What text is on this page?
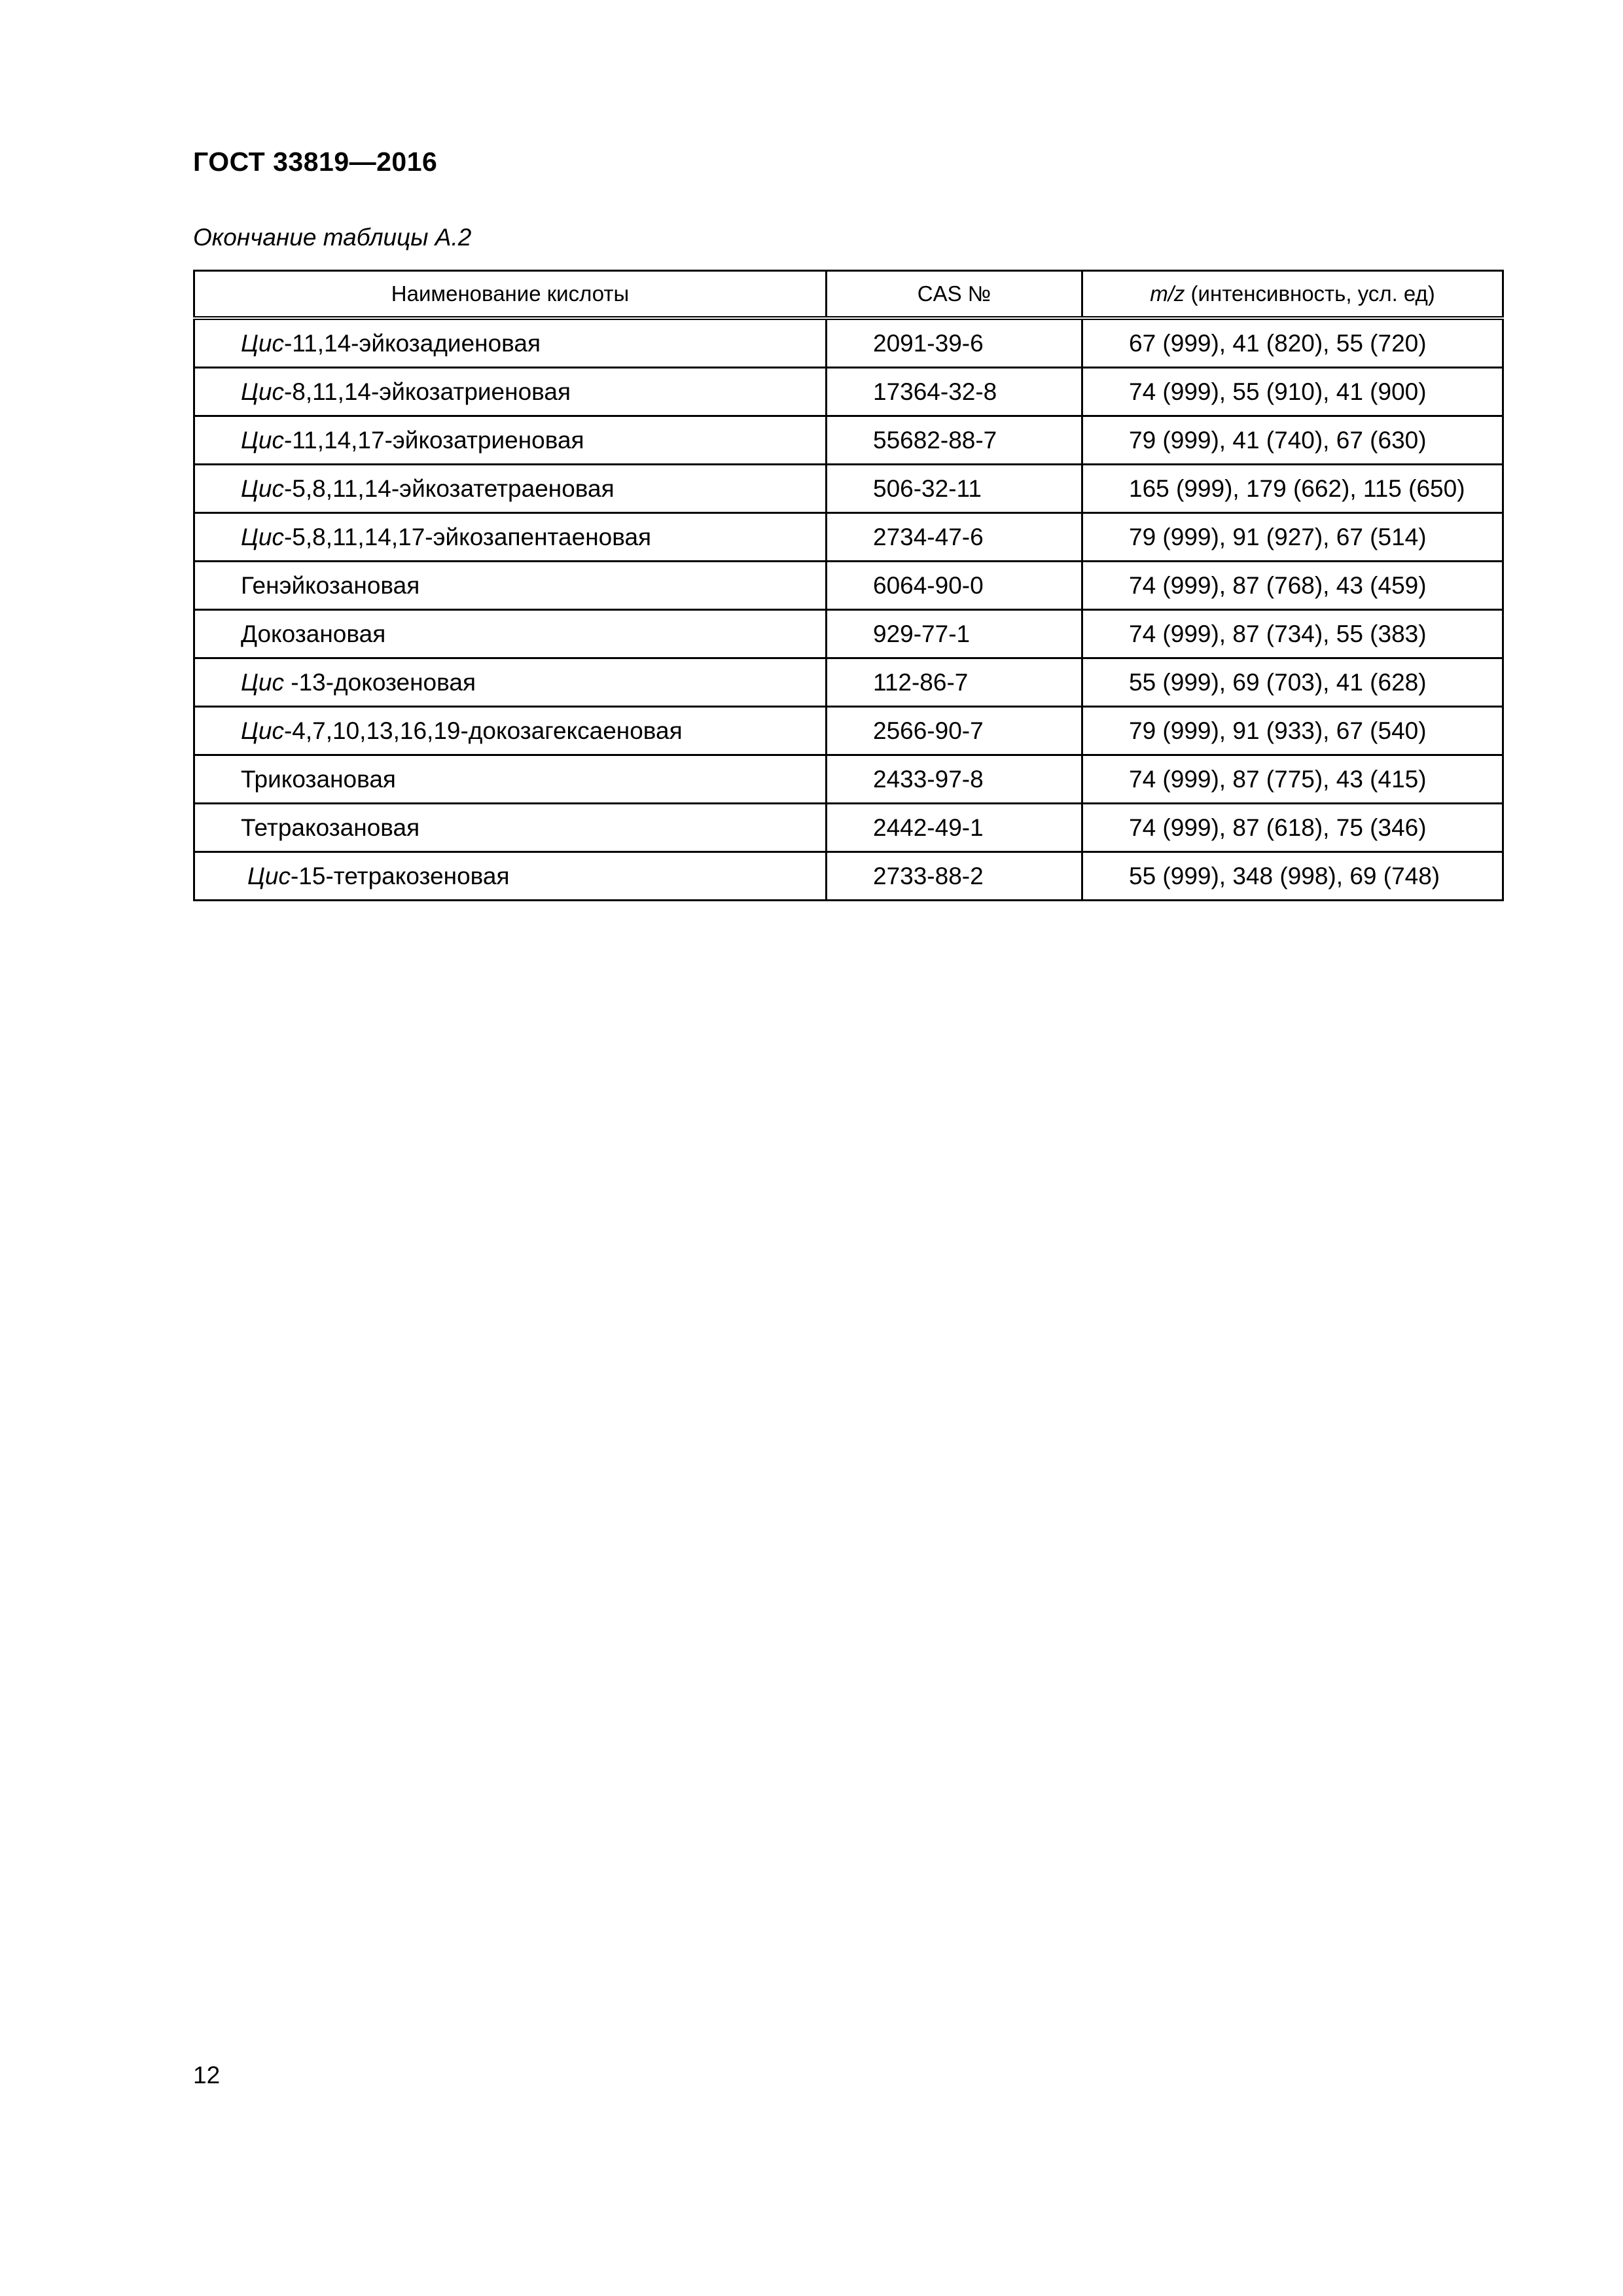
ГОСТ 33819—2016
Окончание таблицы А.2
Наименование кислоты	CAS №	m/z (интенсивность, усл. ед)
Цис-11,14-эйкозадиеновая	2091-39-6	67 (999), 41 (820), 55 (720)
Цис-8,11,14-эйкозатриеновая	17364-32-8	74 (999), 55 (910), 41 (900)
Цис-11,14,17-эйкозатриеновая	55682-88-7	79 (999), 41 (740), 67 (630)
Цис-5,8,11,14-эйкозатетраеновая	506-32-11	165 (999), 179 (662), 115 (650)
Цис-5,8,11,14,17-эйкозапентаеновая	2734-47-6	79 (999), 91 (927), 67 (514)
Генэйкозановая	6064-90-0	74 (999), 87 (768), 43 (459)
Докозановая	929-77-1	74 (999), 87 (734), 55 (383)
Цис -13-докозеновая	112-86-7	55 (999), 69 (703), 41 (628)
Цис-4,7,10,13,16,19-докозагексаеновая	2566-90-7	79 (999), 91 (933), 67 (540)
Трикозановая	2433-97-8	74 (999), 87 (775), 43 (415)
Тетракозановая	2442-49-1	74 (999), 87 (618), 75 (346)
Цис-15-тетракозеновая	2733-88-2	55 (999), 348 (998), 69 (748)
12
